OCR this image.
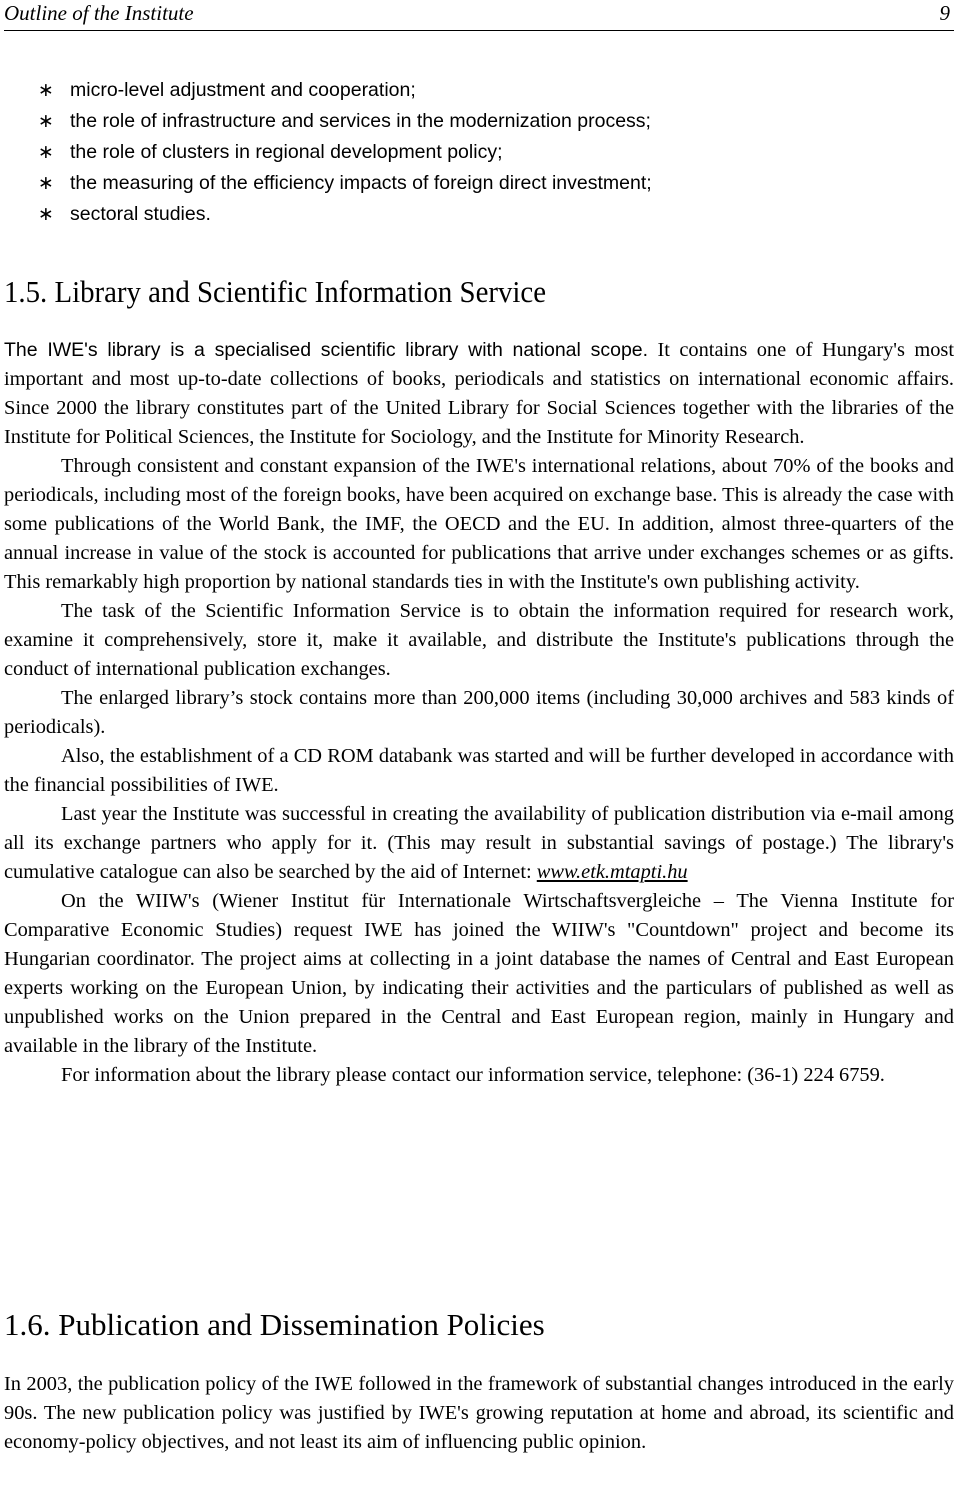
Outline of the Institute	9
∗ micro-level adjustment and cooperation;
∗ the role of infrastructure and services in the modernization process;
∗ the role of clusters in regional development policy;
∗ the measuring of the efficiency impacts of foreign direct investment;
∗ sectoral studies.
1.5. Library and Scientific Information Service

The IWE's library is a specialised scientific library with national scope. It contains one of Hungary's most important and most up-to-date collections of books, periodicals and statistics on international economic affairs. Since 2000 the library constitutes part of the United Library for Social Sciences together with the libraries of the Institute for Political Sciences, the Institute for Sociology, and the Institute for Minority Research.

Through consistent and constant expansion of the IWE's international relations, about 70% of the books and periodicals, including most of the foreign books, have been acquired on exchange base. This is already the case with some publications of the World Bank, the IMF, the OECD and the EU. In addition, almost three-quarters of the annual increase in value of the stock is accounted for publications that arrive under exchanges schemes or as gifts. This remarkably high proportion by national standards ties in with the Institute's own publishing activity.

The task of the Scientific Information Service is to obtain the information required for research work, examine it comprehensively, store it, make it available, and distribute the Institute's publications through the conduct of international publication exchanges.

The enlarged library’s stock contains more than 200,000 items (including 30,000 archives and 583 kinds of periodicals).

Also, the establishment of a CD ROM databank was started and will be further developed in accordance with the financial possibilities of IWE.

Last year the Institute was successful in creating the availability of publication distribution via e-mail among all its exchange partners who apply for it. (This may result in substantial savings of postage.) The library's cumulative catalogue can also be searched by the aid of Internet: www.etk.mtapti.hu

On the WIIW's (Wiener Institut für Internationale Wirtschaftsvergleiche – The Vienna Institute for Comparative Economic Studies) request IWE has joined the WIIW's "Countdown" project and become its Hungarian coordinator. The project aims at collecting in a joint database the names of Central and East European experts working on the European Union, by indicating their activities and the particulars of published as well as unpublished works on the Union prepared in the Central and East European region, mainly in Hungary and available in the library of the Institute.

For information about the library please contact our information service, telephone: (36-1) 224 6759.

1.6. Publication and Dissemination Policies

In 2003, the publication policy of the IWE followed in the framework of substantial changes introduced in the early 90s. The new publication policy was justified by IWE's growing reputation at home and abroad, its scientific and economy-policy objectives, and not least its aim of influencing public opinion.
